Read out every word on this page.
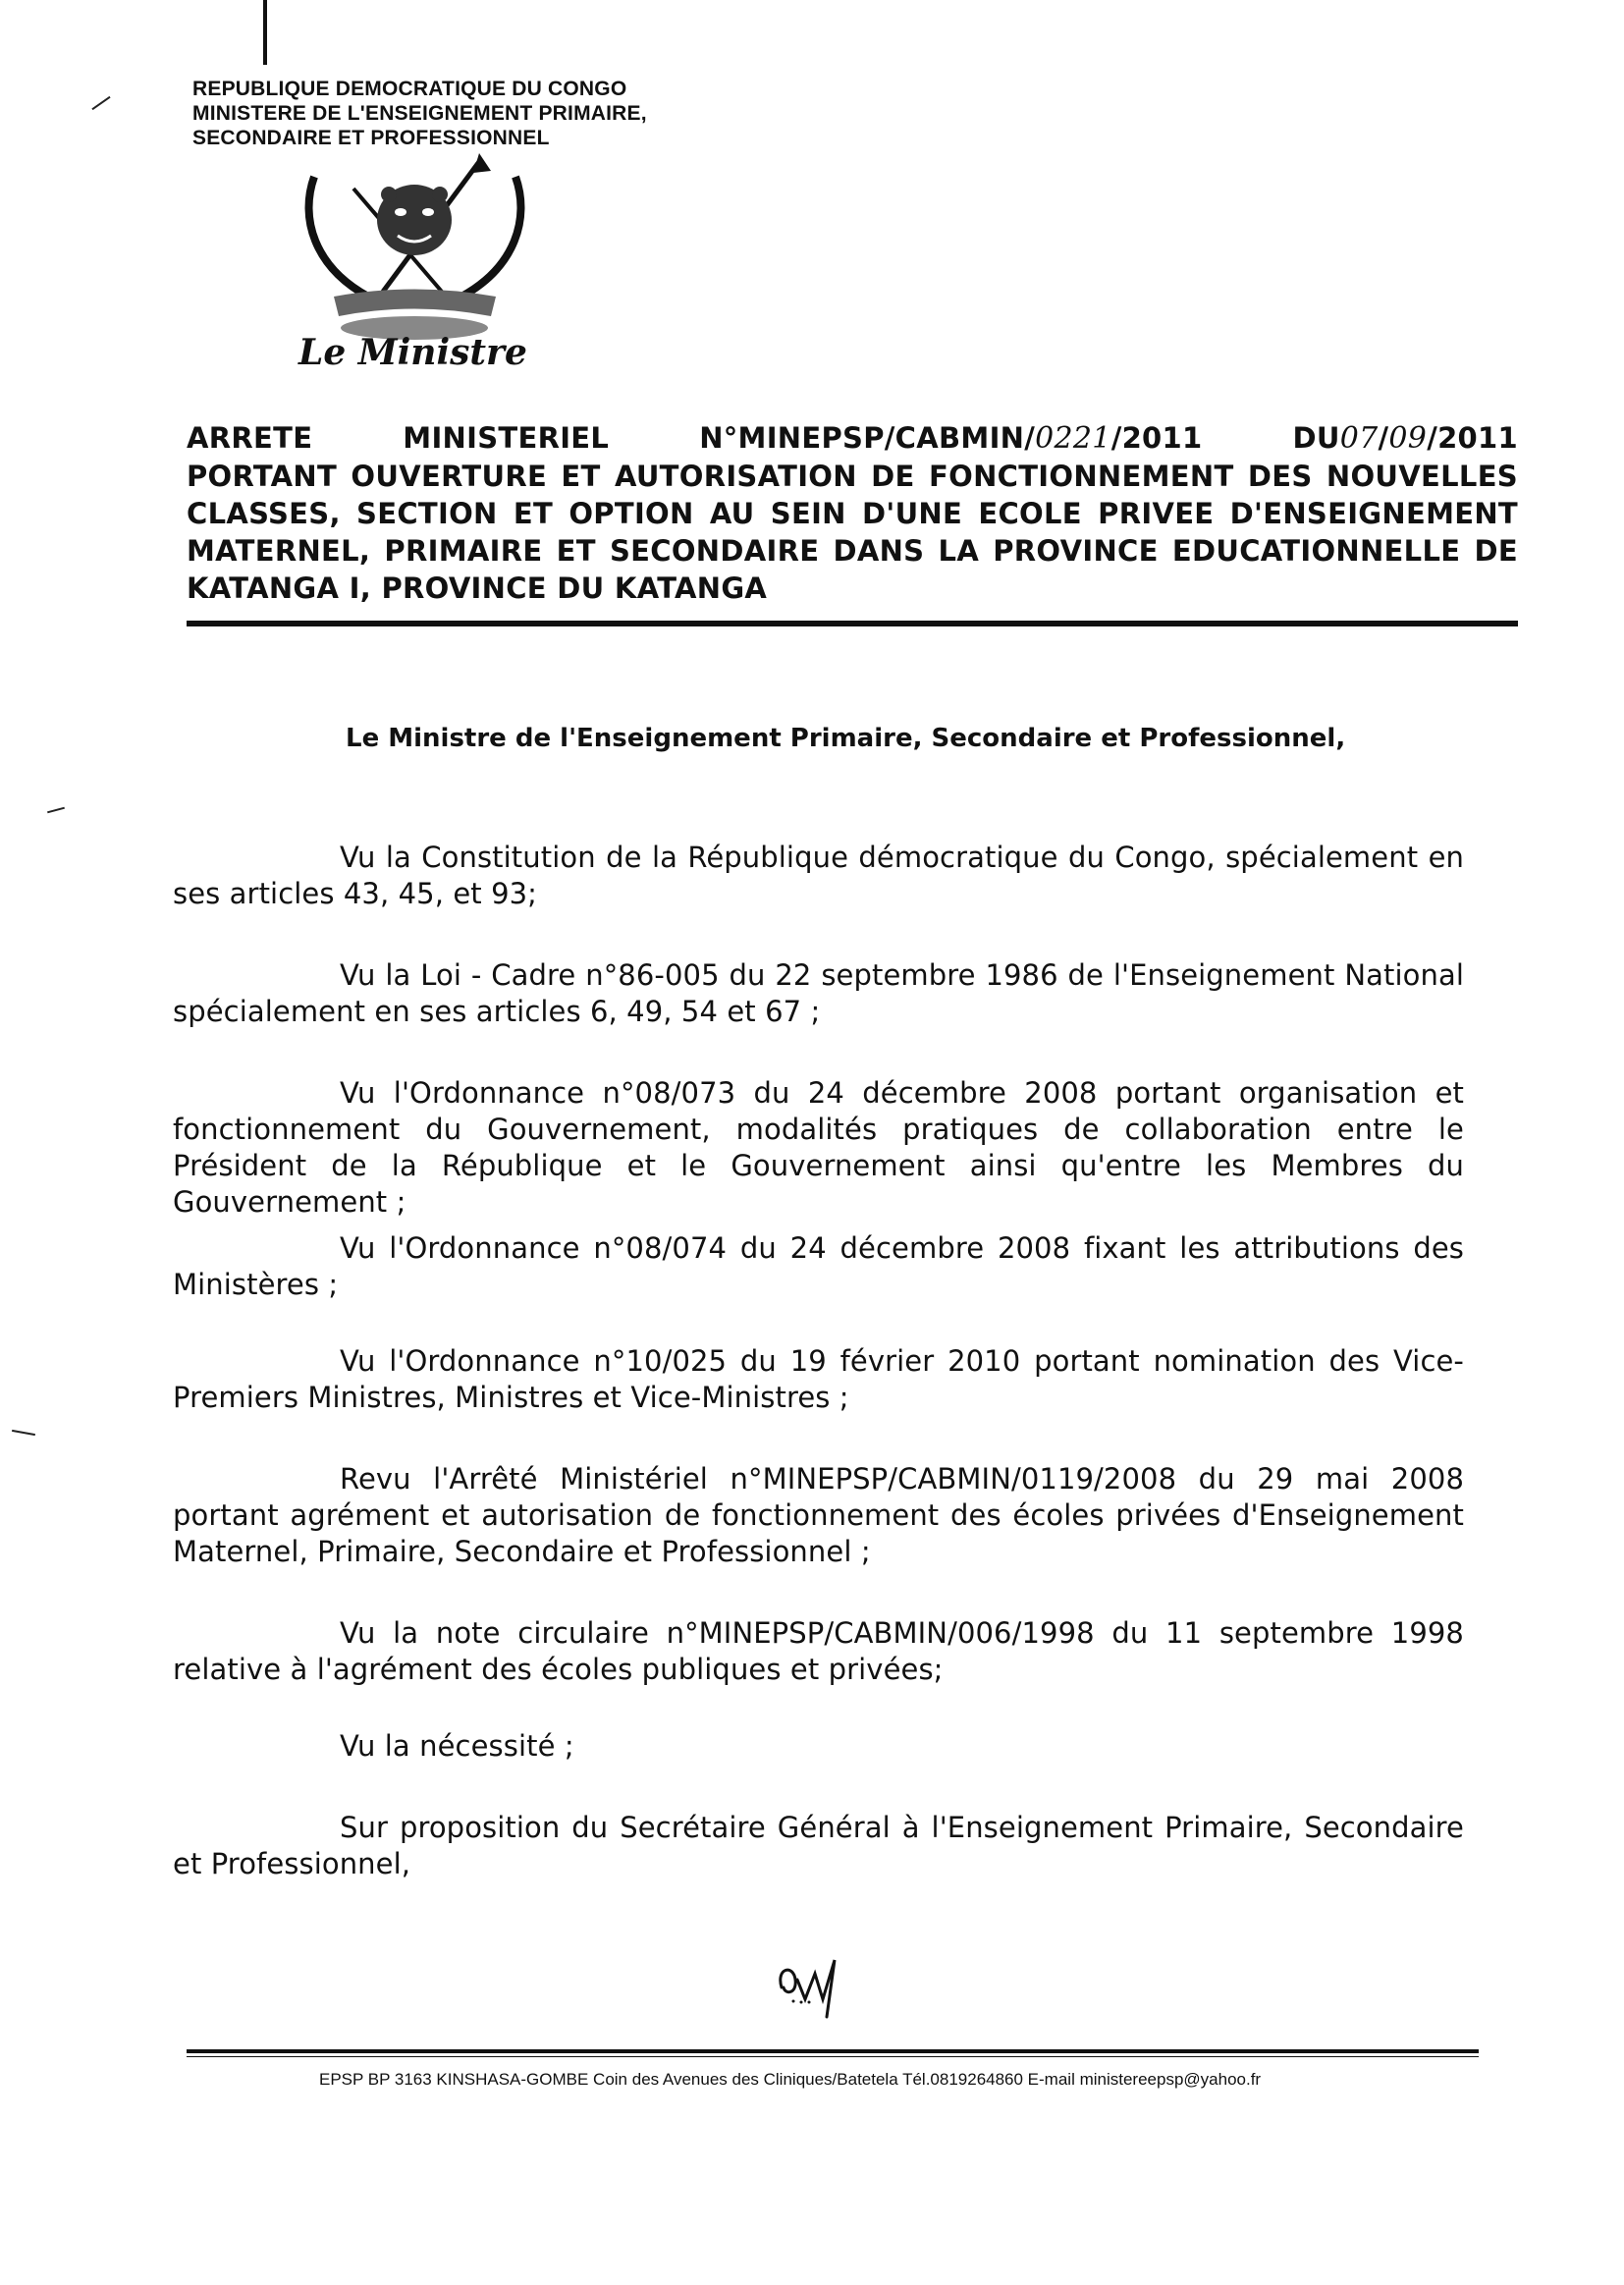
REPUBLIQUE DEMOCRATIQUE DU CONGO
MINISTERE DE L'ENSEIGNEMENT PRIMAIRE,
SECONDAIRE ET PROFESSIONNEL
Le Ministre
ARRETE	MINISTERIEL	N°MINEPSP/CABMIN/0221/2011	DU07/09/2011
PORTANT OUVERTURE ET AUTORISATION DE FONCTIONNEMENT DES NOUVELLES CLASSES, SECTION ET OPTION AU SEIN D'UNE ECOLE PRIVEE D'ENSEIGNEMENT MATERNEL, PRIMAIRE ET SECONDAIRE DANS LA PROVINCE EDUCATIONNELLE DE KATANGA I, PROVINCE DU KATANGA
Le Ministre de l'Enseignement Primaire, Secondaire et Professionnel,

Vu la Constitution de la République démocratique du Congo, spécialement en ses articles 43, 45, et 93;

Vu la Loi - Cadre n°86-005 du 22 septembre 1986 de l'Enseignement National spécialement en ses articles 6, 49, 54 et 67 ;

Vu l'Ordonnance n°08/073 du 24 décembre 2008 portant organisation et fonctionnement du Gouvernement, modalités pratiques de collaboration entre le Président de la République et le Gouvernement ainsi qu'entre les Membres du Gouvernement ;

Vu l'Ordonnance n°08/074 du 24 décembre 2008 fixant les attributions des Ministères ;

Vu l'Ordonnance n°10/025 du 19 février 2010 portant nomination des Vice-Premiers Ministres, Ministres et Vice-Ministres ;

Revu l'Arrêté Ministériel n°MINEPSP/CABMIN/0119/2008 du 29 mai 2008 portant agrément et autorisation de fonctionnement des écoles privées d'Enseignement Maternel, Primaire, Secondaire et Professionnel ;

Vu la note circulaire n°MINEPSP/CABMIN/006/1998 du 11 septembre 1998 relative à l'agrément des écoles publiques et privées;

Vu la nécessité ;

Sur proposition du Secrétaire Général à l'Enseignement Primaire, Secondaire et Professionnel,

EPSP BP 3163 KINSHASA-GOMBE Coin des Avenues des Cliniques/Batetela Tél.0819264860 E-mail ministereepsp@yahoo.fr
